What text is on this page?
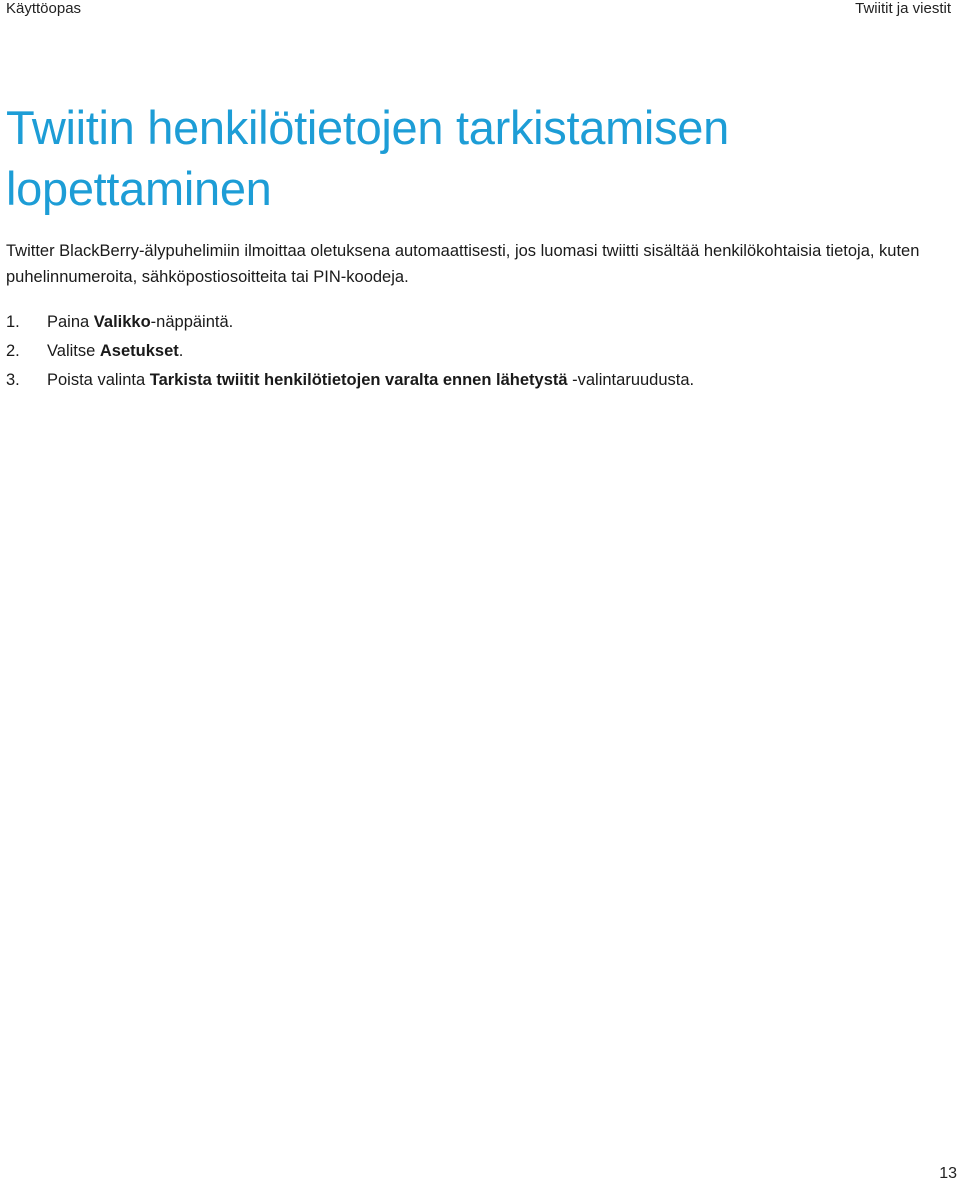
Käyttöopas	Twiitit ja viestit
Twiitin henkilötietojen tarkistamisen lopettaminen

Twitter BlackBerry-älypuhelimiin ilmoittaa oletuksena automaattisesti, jos luomasi twiitti sisältää henkilökohtaisia tietoja, kuten puhelinnumeroita, sähköpostiosoitteita tai PIN-koodeja.

1.	Paina Valikko-näppäintä.
2.	Valitse Asetukset.
3.	Poista valinta Tarkista twiitit henkilötietojen varalta ennen lähetystä -valintaruudusta.
13
